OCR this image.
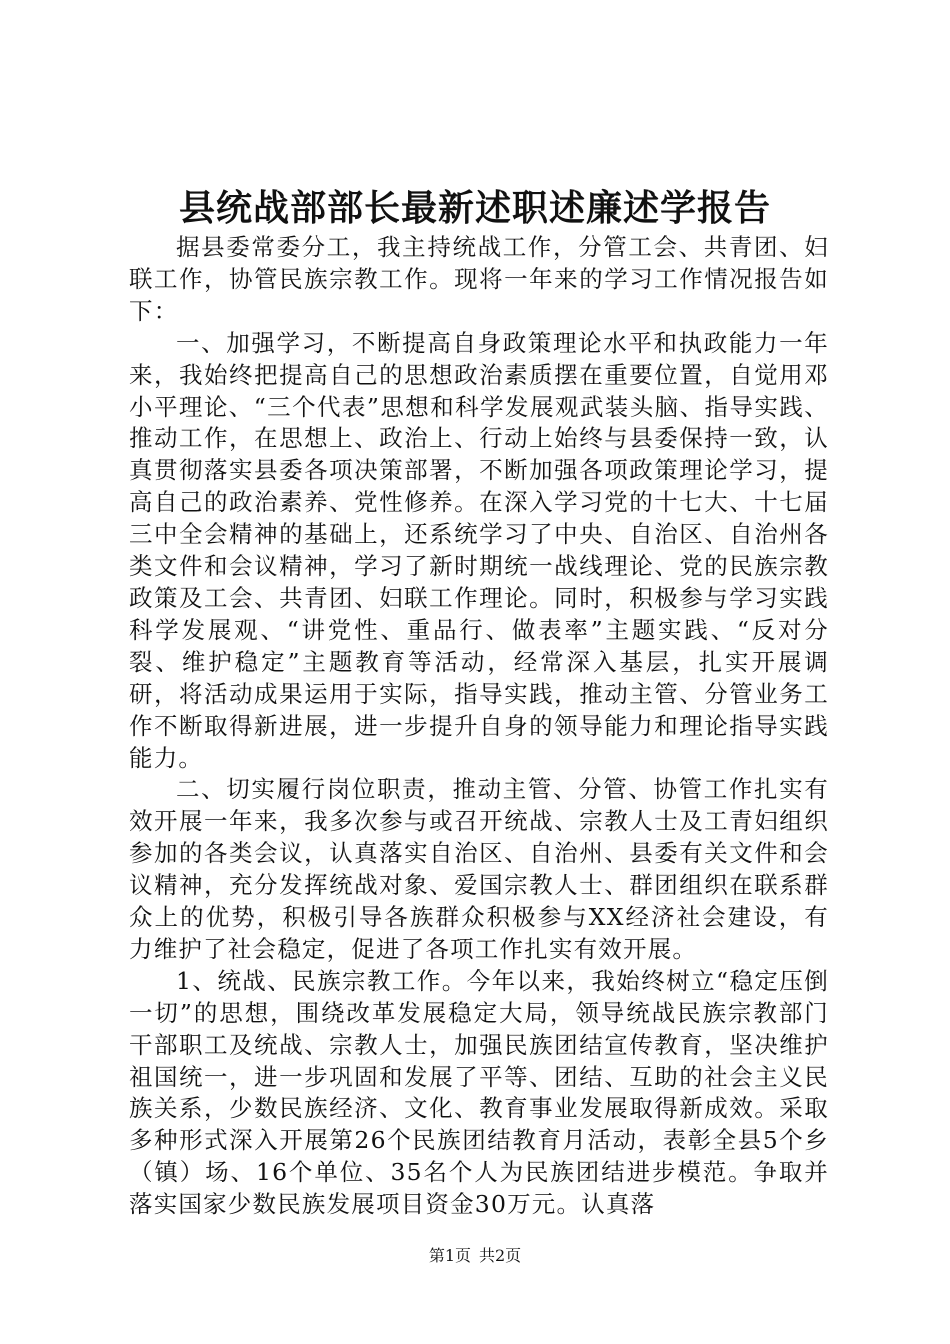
县统战部部长最新述职述廉述学报告

据县委常委分工，我主持统战工作，分管工会、共青团、妇联工作，协管民族宗教工作。现将一年来的学习工作情况报告如下：

一、加强学习，不断提高自身政策理论水平和执政能力一年来，我始终把提高自己的思想政治素质摆在重要位置，自觉用邓小平理论、“三个代表”思想和科学发展观武装头脑、指导实践、推动工作，在思想上、政治上、行动上始终与县委保持一致，认真贯彻落实县委各项决策部署，不断加强各项政策理论学习，提高自己的政治素养、党性修养。在深入学习党的十七大、十七届三中全会精神的基础上，还系统学习了中央、自治区、自治州各类文件和会议精神，学习了新时期统一战线理论、党的民族宗教政策及工会、共青团、妇联工作理论。同时，积极参与学习实践科学发展观、“讲党性、重品行、做表率”主题实践、“反对分裂、维护稳定”主题教育等活动，经常深入基层，扎实开展调研，将活动成果运用于实际，指导实践，推动主管、分管业务工作不断取得新进展，进一步提升自身的领导能力和理论指导实践能力。

二、切实履行岗位职责，推动主管、分管、协管工作扎实有效开展一年来，我多次参与或召开统战、宗教人士及工青妇组织参加的各类会议，认真落实自治区、自治州、县委有关文件和会议精神，充分发挥统战对象、爱国宗教人士、群团组织在联系群众上的优势，积极引导各族群众积极参与XX经济社会建设，有力维护了社会稳定，促进了各项工作扎实有效开展。

1、统战、民族宗教工作。今年以来，我始终树立“稳定压倒一切”的思想，围绕改革发展稳定大局，领导统战民族宗教部门干部职工及统战、宗教人士，加强民族团结宣传教育，坚决维护祖国统一，进一步巩固和发展了平等、团结、互助的社会主义民族关系，少数民族经济、文化、教育事业发展取得新成效。采取多种形式深入开展第26个民族团结教育月活动，表彰全县5个乡（镇）场、16个单位、35名个人为民族团结进步模范。争取并落实国家少数民族发展项目资金30万元。认真落

第1页 共2页
